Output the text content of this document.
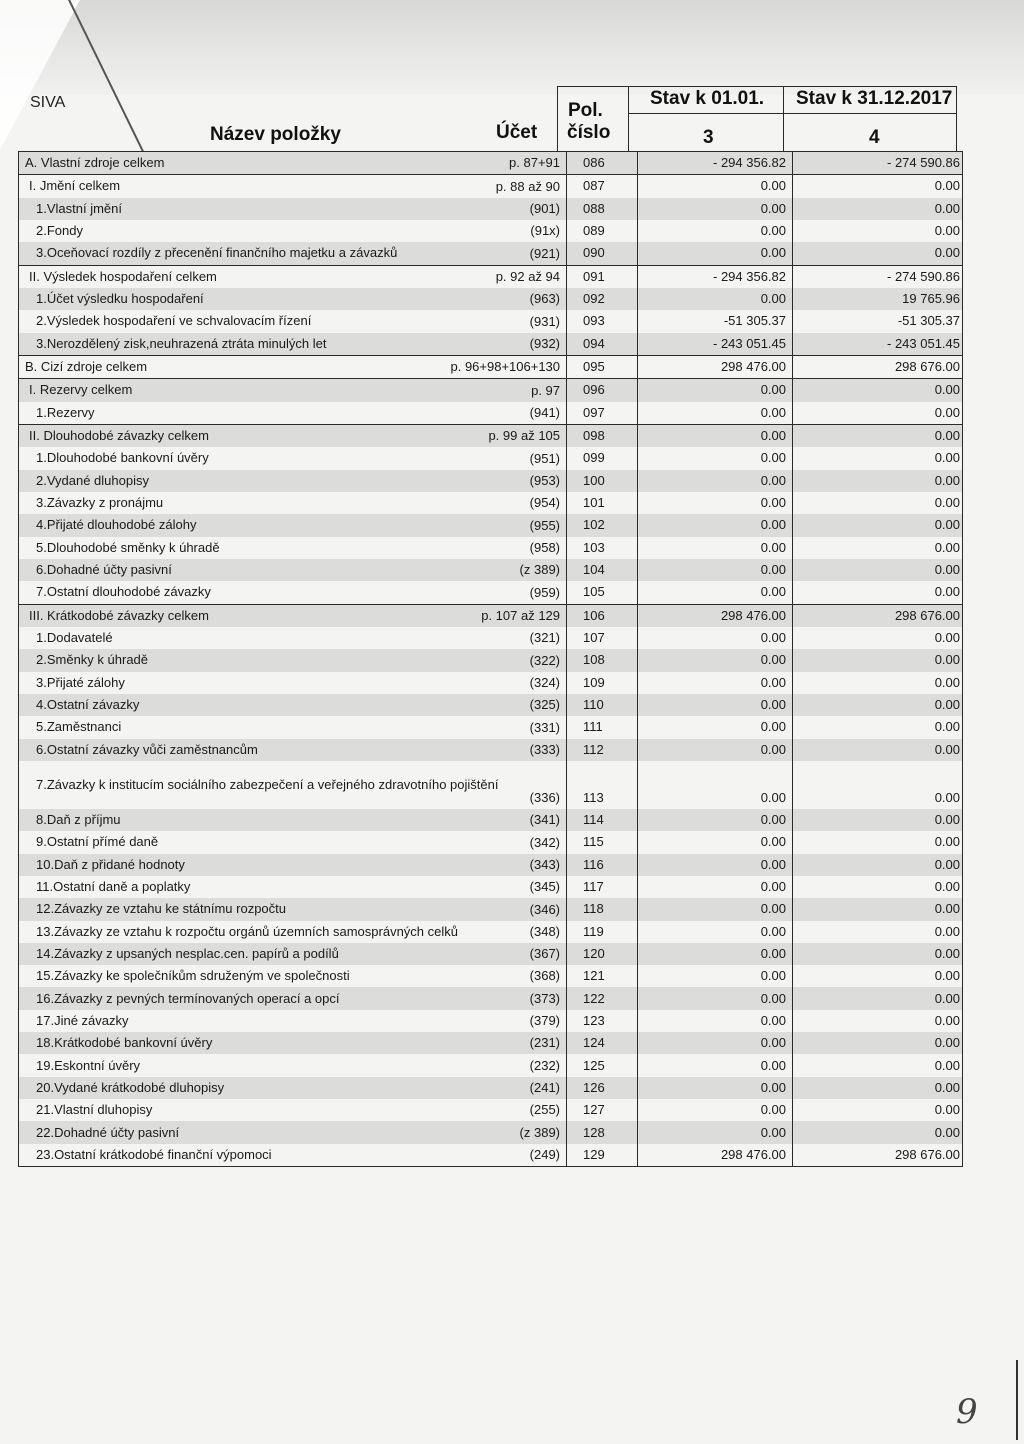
SIVA
Název položky	Účet
Pol.
číslo
Stav k 01.01. Stav k 31.12.2017
3	4
A. Vlastní zdroje celkem p. 87+91	086	- 294 356.82	- 274 590.86
I. Jmění celkem p. 88 až 90	087	0.00	0.00
1.Vlastní jmění (901)	088	0.00	0.00
2.Fondy (91x)	089	0.00	0.00
3.Oceňovací rozdíly z přecenění finančního majetku a závazků (921)	090	0.00	0.00
II. Výsledek hospodaření celkem p. 92 až 94	091	- 294 356.82	- 274 590.86
1.Účet výsledku hospodaření (963)	092	0.00	19 765.96
2.Výsledek hospodaření ve schvalovacím řízení (931)	093	-51 305.37	-51 305.37
3.Nerozdělený zisk,neuhrazená ztráta minulých let (932)	094	- 243 051.45	- 243 051.45
B. Cizí zdroje celkem p. 96+98+106+130	095	298 476.00	298 676.00
I. Rezervy celkem p. 97	096	0.00	0.00
1.Rezervy (941)	097	0.00	0.00
II. Dlouhodobé závazky celkem p. 99 až 105	098	0.00	0.00
1.Dlouhodobé bankovní úvěry (951)	099	0.00	0.00
2.Vydané dluhopisy (953)	100	0.00	0.00
3.Závazky z pronájmu (954)	101	0.00	0.00
4.Přijaté dlouhodobé zálohy (955)	102	0.00	0.00
5.Dlouhodobé směnky k úhradě (958)	103	0.00	0.00
6.Dohadné účty pasivní (z 389)	104	0.00	0.00
7.Ostatní dlouhodobé závazky (959)	105	0.00	0.00
III. Krátkodobé závazky celkem p. 107 až 129	106	298 476.00	298 676.00
1.Dodavatelé (321)	107	0.00	0.00
2.Směnky k úhradě (322)	108	0.00	0.00
3.Přijaté zálohy (324)	109	0.00	0.00
4.Ostatní závazky (325)	110	0.00	0.00
5.Zaměstnanci (331)	111	0.00	0.00
6.Ostatní závazky vůči zaměstnancům (333)	112	0.00	0.00
7.Závazky k institucím sociálního zabezpečení a veřejného zdravotního pojištění
(336)	113	0.00	0.00
8.Daň z příjmu (341)	114	0.00	0.00
9.Ostatní přímé daně (342)	115	0.00	0.00
10.Daň z přidané hodnoty (343)	116	0.00	0.00
11.Ostatní daně a poplatky (345)	117	0.00	0.00
12.Závazky ze vztahu ke státnímu rozpočtu (346)	118	0.00	0.00
13.Závazky ze vztahu k rozpočtu orgánů územních samosprávných celků (348)	119	0.00	0.00
14.Závazky z upsaných nesplac.cen. papírů a podílů (367)	120	0.00	0.00
15.Závazky ke společníkům sdruženým ve společnosti (368)	121	0.00	0.00
16.Závazky z pevných termínovaných operací a opcí (373)	122	0.00	0.00
17.Jiné závazky (379)	123	0.00	0.00
18.Krátkodobé bankovní úvěry (231)	124	0.00	0.00
19.Eskontní úvěry (232)	125	0.00	0.00
20.Vydané krátkodobé dluhopisy (241)	126	0.00	0.00
21.Vlastní dluhopisy (255)	127	0.00	0.00
22.Dohadné účty pasivní (z 389)	128	0.00	0.00
23.Ostatní krátkodobé finanční výpomoci (249)	129	298 476.00	298 676.00
9
